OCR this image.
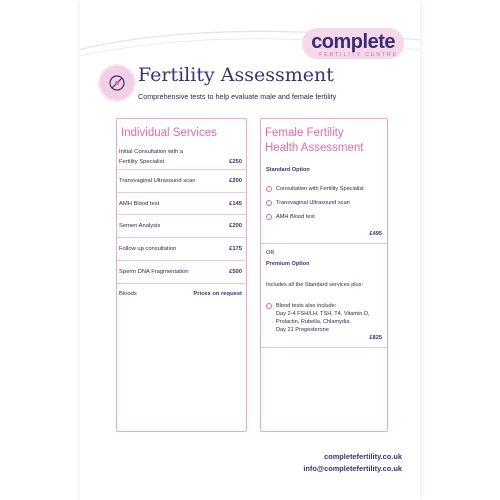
complete
FERTILITY CENTRE
Fertility Assessment
Comprehensive tests to help evaluate male and female fertility
Individual Services
Initial Consultation with a
Fertility Specialist	£250
Transvaginal Ultrasound scan	£200
AMH Blood test	£145
Semen Analysis	£200
Follow up consultation	£175
Sperm DNA Fragmentation	£500
Bloods	Prices on request
Female Fertility
Health Assessment
Standard Option
Consultation with Fertility Specialist
Transvaginal Ultrasound scan
AMH Blood test
£495
OR
Premium Option
Includes all the Standard services plus:
Blood tests also include:
Day 2-4 FSH/LH, TSH, T4, Vitamin D,
Prolactin, Rubella, Chlamydia,
Day 21 Progesterone
£825
completefertility.co.uk
info@completefertility.co.uk
